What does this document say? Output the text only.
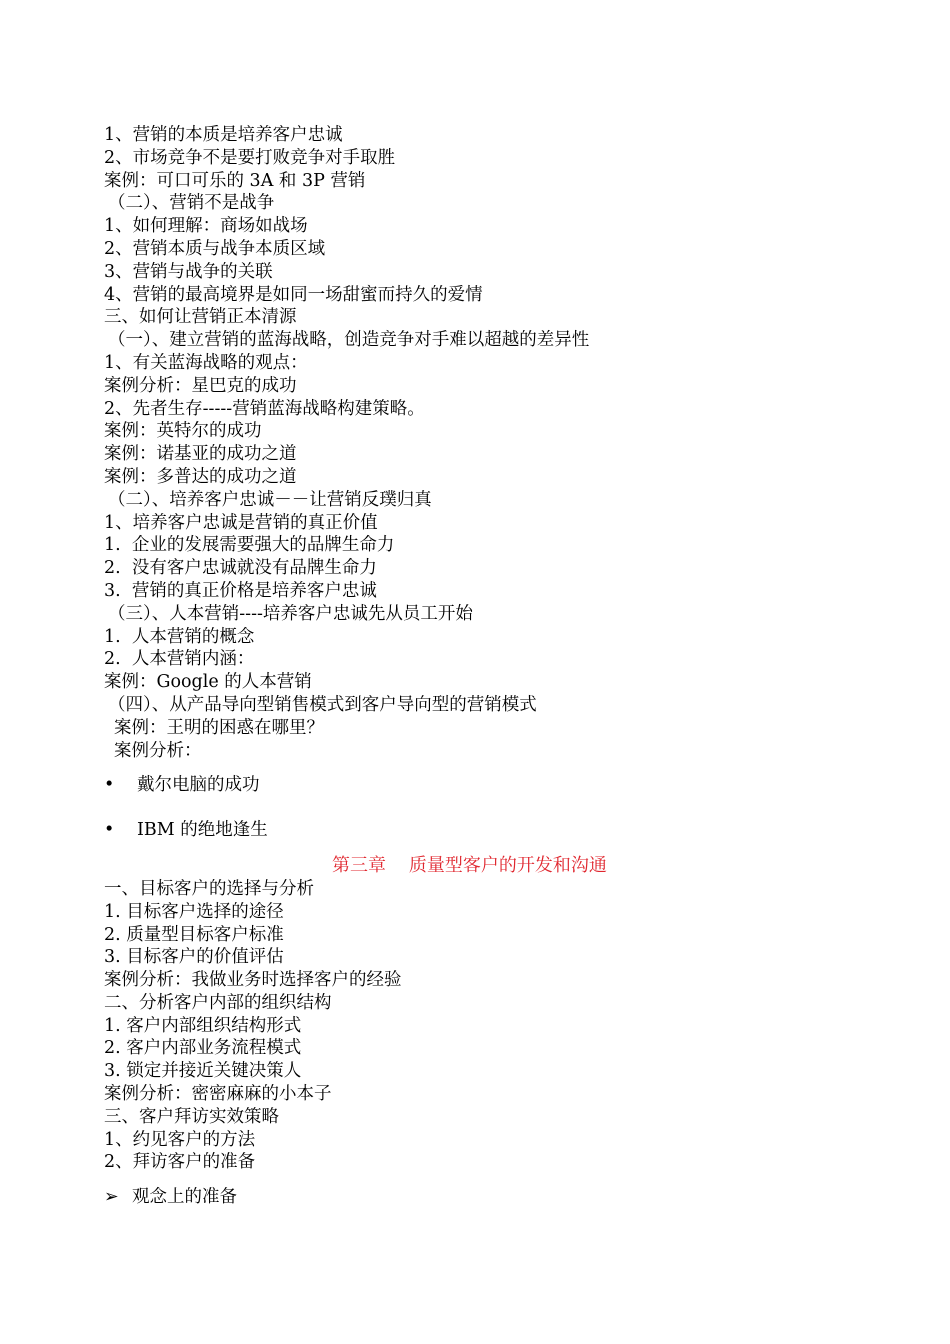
1、营销的本质是培养客户忠诚
2、市场竞争不是要打败竞争对手取胜
案例：可口可乐的 3A 和 3P 营销
（二）、营销不是战争
1、如何理解：商场如战场
2、营销本质与战争本质区域
3、营销与战争的关联
4、营销的最高境界是如同一场甜蜜而持久的爱情
三、如何让营销正本清源
（一）、建立营销的蓝海战略，创造竞争对手难以超越的差异性
1、有关蓝海战略的观点：
案例分析：星巴克的成功
2、先者生存-----营销蓝海战略构建策略。
案例：英特尔的成功
案例：诺基亚的成功之道
案例：多普达的成功之道
（二）、培养客户忠诚－－让营销反璞归真
1、培养客户忠诚是营销的真正价值
1.  企业的发展需要强大的品牌生命力
2.  没有客户忠诚就没有品牌生命力
3.  营销的真正价格是培养客户忠诚
（三）、人本营销----培养客户忠诚先从员工开始
1.  人本营销的概念
2.  人本营销内涵：
案例：Google 的人本营销
（四）、从产品导向型销售模式到客户导向型的营销模式
案例：王明的困惑在哪里？
案例分析：

•

戴尔电脑的成功

•

IBM 的绝地逢生

第三章    质量型客户的开发和沟通
一、目标客户的选择与分析
1. 目标客户选择的途径
2. 质量型目标客户标准
3. 目标客户的价值评估
案例分析：我做业务时选择客户的经验
二、分析客户内部的组织结构
1. 客户内部组织结构形式
2. 客户内部业务流程模式
3. 锁定并接近关键决策人
案例分析：密密麻麻的小本子
三、客户拜访实效策略
1、约见客户的方法
2、拜访客户的准备

➢

观念上的准备
